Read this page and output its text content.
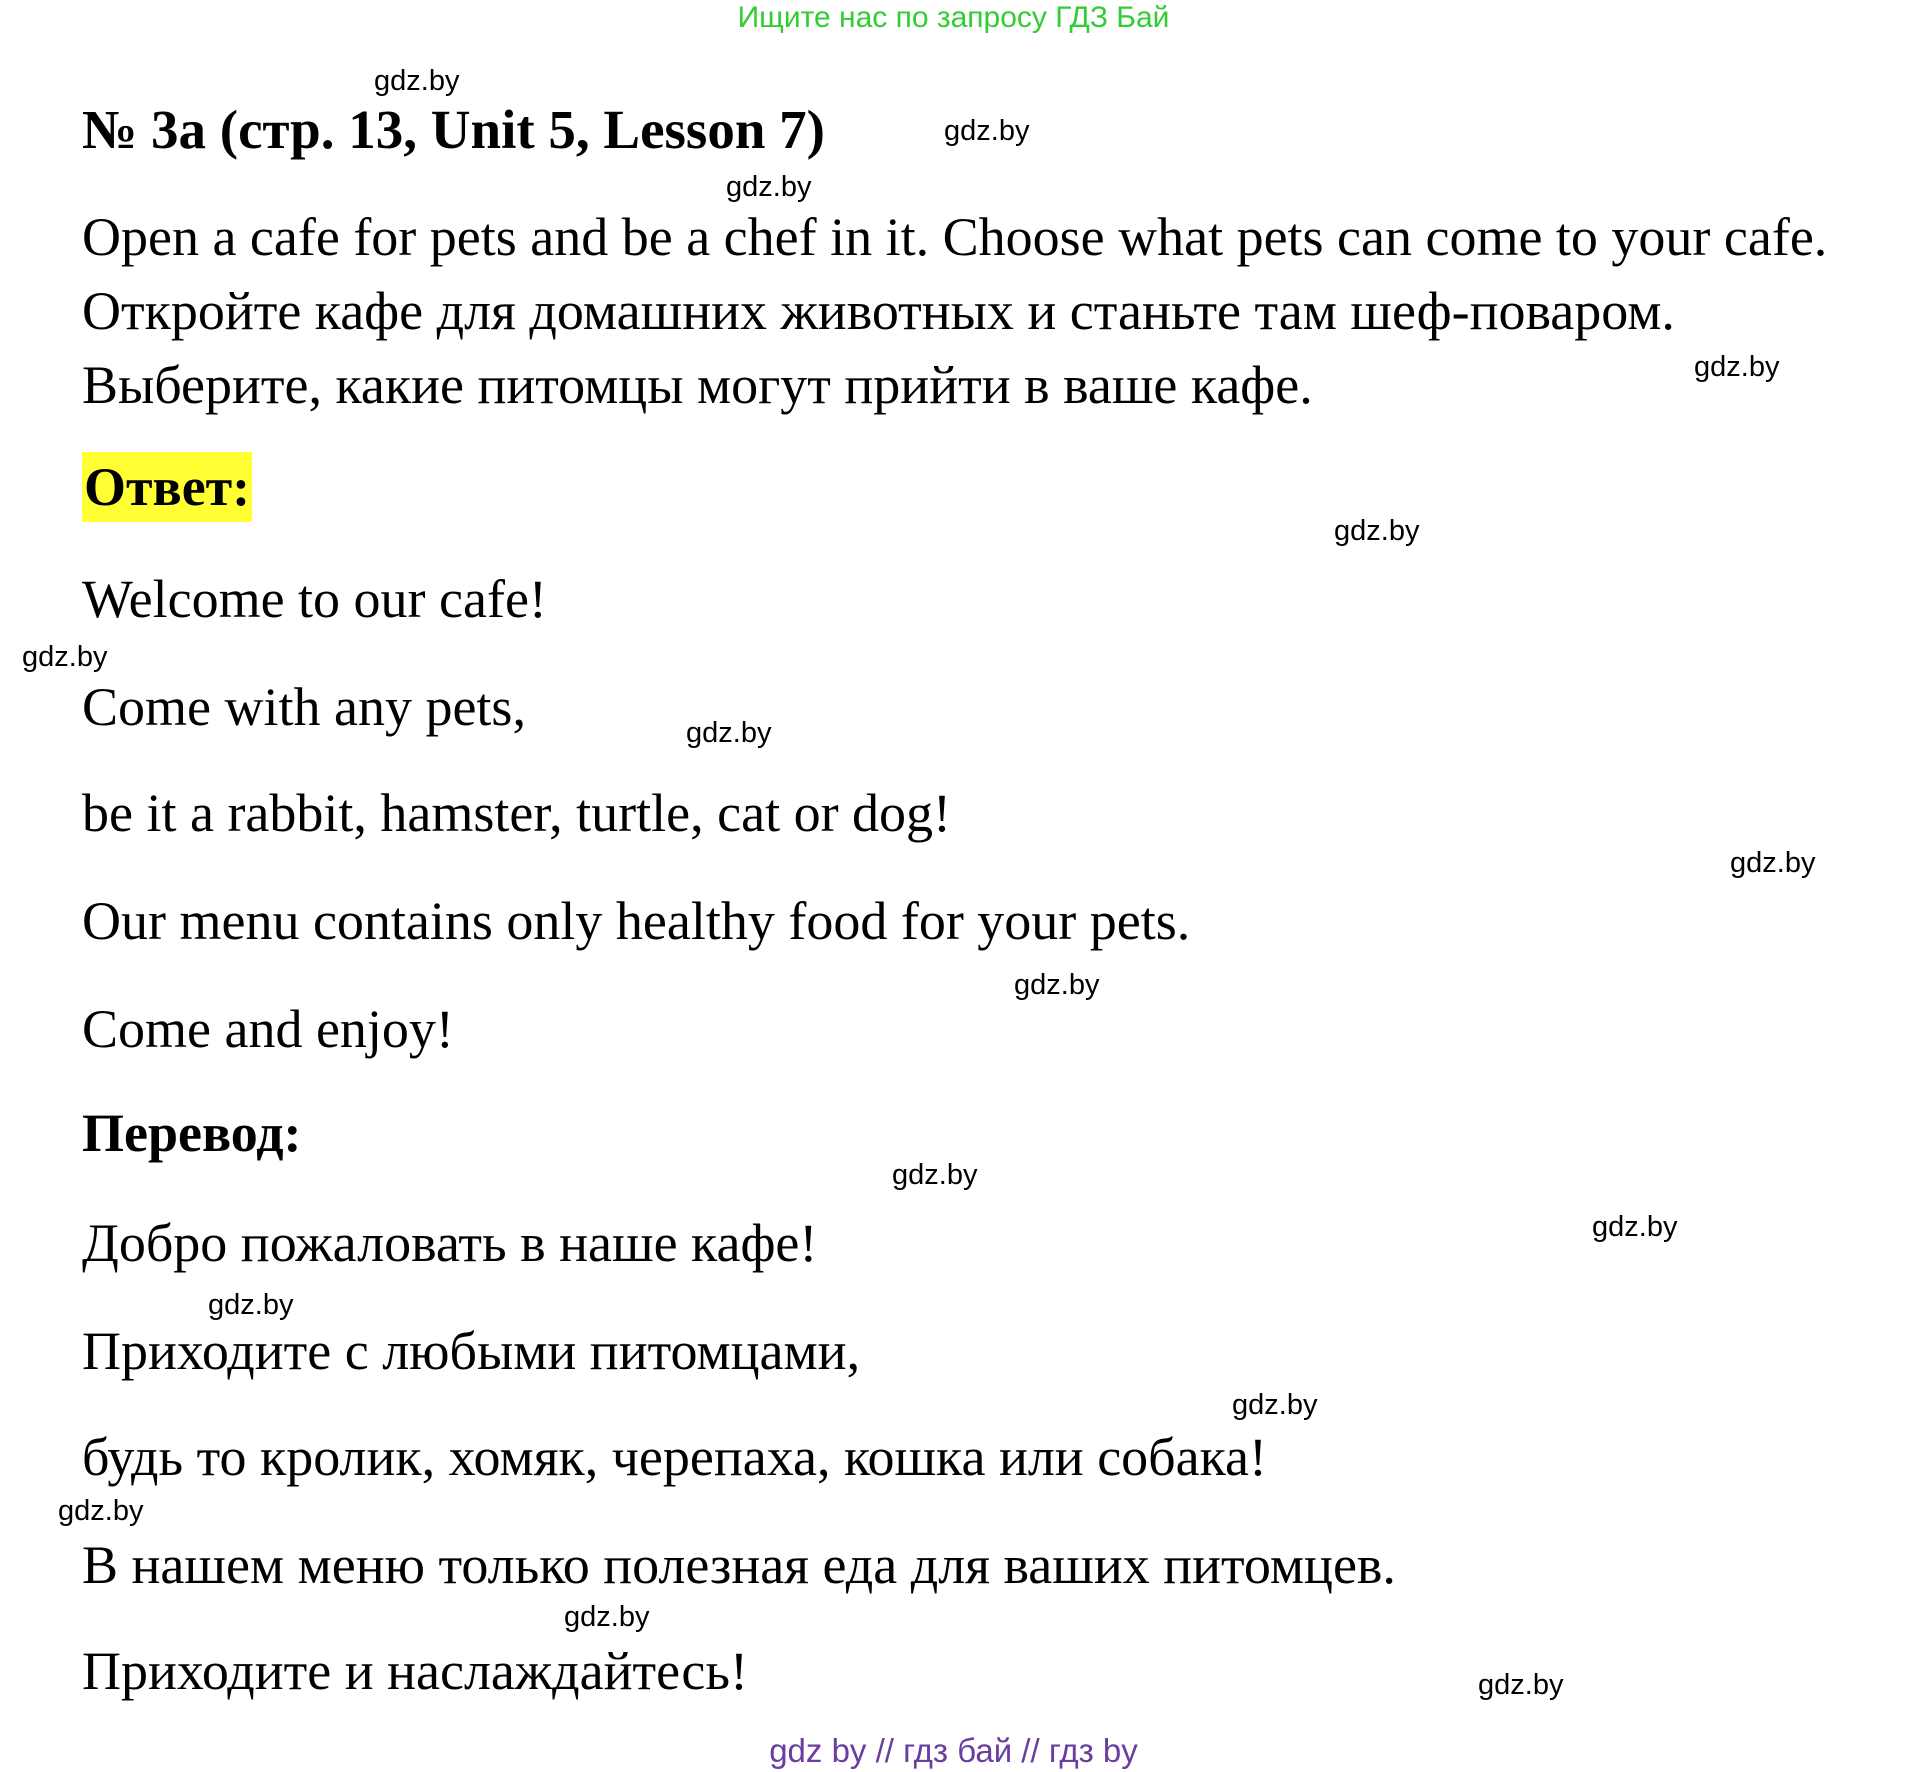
Ищите нас по запросу ГДЗ Бай
№ 3а (стр. 13, Unit 5, Lesson 7)
Open a cafe for pets and be a chef in it. Choose what pets can come to your cafe. Откройте кафе для домашних животных и станьте там шеф-поваром. Выберите, какие питомцы могут прийти в ваше кафе.
Ответ:
Welcome to our cafe!
Come with any pets,
be it a rabbit, hamster, turtle, cat or dog!
Our menu contains only healthy food for your pets.
Come and enjoy!
Перевод:
Добро пожаловать в наше кафе!
Приходите с любыми питомцами,
будь то кролик, хомяк, черепаха, кошка или собака!
В нашем меню только полезная еда для ваших питомцев.
Приходите и наслаждайтесь!
gdz.by
gdz.by
gdz.by
gdz.by
gdz.by
gdz.by
gdz.by
gdz.by
gdz.by
gdz.by
gdz.by
gdz.by
gdz.by
gdz.by
gdz.by
gdz.by
gdz by // гдз бай // гдз by
